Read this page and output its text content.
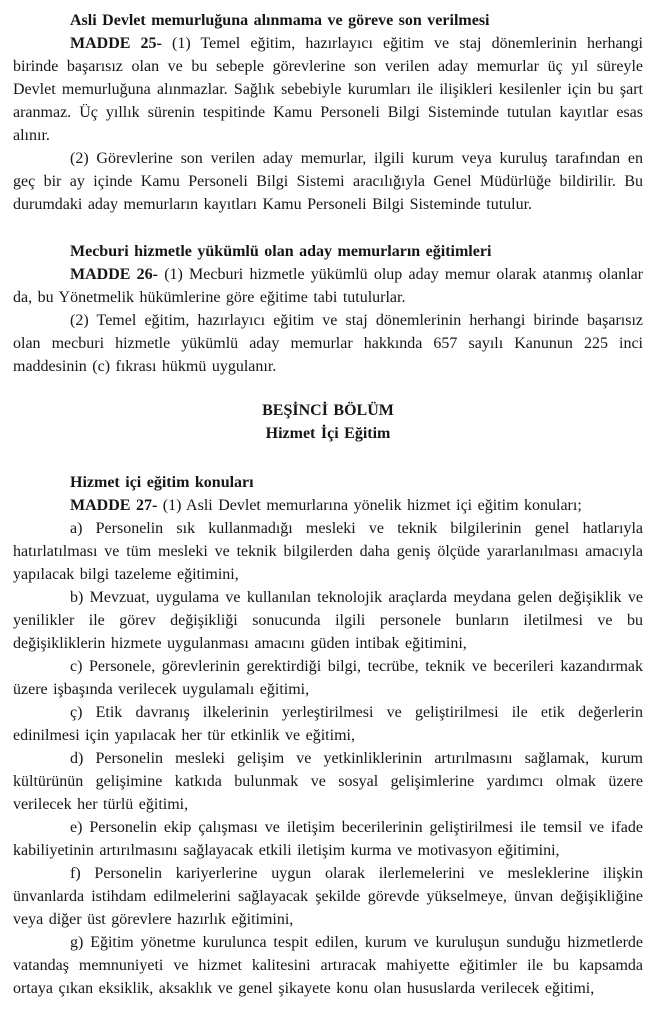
Asli Devlet memurluğuna alınmama ve göreve son verilmesi

MADDE 25- (1) Temel eğitim, hazırlayıcı eğitim ve staj dönemlerinin herhangi birinde başarısız olan ve bu sebeple görevlerine son verilen aday memurlar üç yıl süreyle Devlet memurluğuna alınmazlar. Sağlık sebebiyle kurumları ile ilişikleri kesilenler için bu şart aranmaz. Üç yıllık sürenin tespitinde Kamu Personeli Bilgi Sisteminde tutulan kayıtlar esas alınır.

(2) Görevlerine son verilen aday memurlar, ilgili kurum veya kuruluş tarafından en geç bir ay içinde Kamu Personeli Bilgi Sistemi aracılığıyla Genel Müdürlüğe bildirilir. Bu durumdaki aday memurların kayıtları Kamu Personeli Bilgi Sisteminde tutulur.

Mecburi hizmetle yükümlü olan aday memurların eğitimleri

MADDE 26- (1) Mecburi hizmetle yükümlü olup aday memur olarak atanmış olanlar da, bu Yönetmelik hükümlerine göre eğitime tabi tutulurlar.

(2) Temel eğitim, hazırlayıcı eğitim ve staj dönemlerinin herhangi birinde başarısız olan mecburi hizmetle yükümlü aday memurlar hakkında 657 sayılı Kanunun 225 inci maddesinin (c) fıkrası hükmü uygulanır.

BEŞİNCİ BÖLÜM

Hizmet İçi Eğitim

Hizmet içi eğitim konuları

MADDE 27- (1) Asli Devlet memurlarına yönelik hizmet içi eğitim konuları;

a) Personelin sık kullanmadığı mesleki ve teknik bilgilerinin genel hatlarıyla hatırlatılması ve tüm mesleki ve teknik bilgilerden daha geniş ölçüde yararlanılması amacıyla yapılacak bilgi tazeleme eğitimini,

b) Mevzuat, uygulama ve kullanılan teknolojik araçlarda meydana gelen değişiklik ve yenilikler ile görev değişikliği sonucunda ilgili personele bunların iletilmesi ve bu değişikliklerin hizmete uygulanması amacını güden intibak eğitimini,

c) Personele, görevlerinin gerektirdiği bilgi, tecrübe, teknik ve becerileri kazandırmak üzere işbaşında verilecek uygulamalı eğitimi,

ç) Etik davranış ilkelerinin yerleştirilmesi ve geliştirilmesi ile etik değerlerin edinilmesi için yapılacak her tür etkinlik ve eğitimi,

d) Personelin mesleki gelişim ve yetkinliklerinin artırılmasını sağlamak, kurum kültürünün gelişimine katkıda bulunmak ve sosyal gelişimlerine yardımcı olmak üzere verilecek her türlü eğitimi,

e) Personelin ekip çalışması ve iletişim becerilerinin geliştirilmesi ile temsil ve ifade kabiliyetinin artırılmasını sağlayacak etkili iletişim kurma ve motivasyon eğitimini,

f) Personelin kariyerlerine uygun olarak ilerlemelerini ve mesleklerine ilişkin ünvanlarda istihdam edilmelerini sağlayacak şekilde görevde yükselmeye, ünvan değişikliğine veya diğer üst görevlere hazırlık eğitimini,

g) Eğitim yönetme kurulunca tespit edilen, kurum ve kuruluşun sunduğu hizmetlerde vatandaş memnuniyeti ve hizmet kalitesini artıracak mahiyette eğitimler ile bu kapsamda ortaya çıkan eksiklik, aksaklık ve genel şikayete konu olan hususlarda verilecek eğitimi,
